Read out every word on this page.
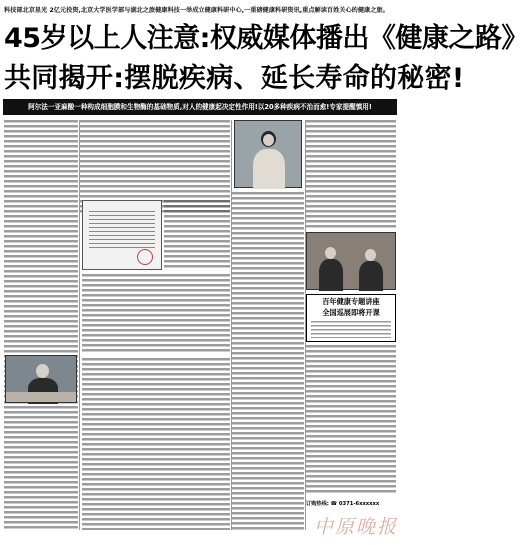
科技部北京星光 2亿元投资,北京大学医学部与湖北之旅健康科技一举成立健康科研中心,一重磅健康科研资讯,重点解读百姓关心的健康之旅。
45岁以上人注意:权威媒体播出《健康之路》
共同揭开:摆脱疾病、延长寿命的秘密!
阿尔法一亚麻酸一种构成细胞膜和生物酶的基础物质,对人的健康起决定性作用!以20多种疾病不治而愈!专家提醒慎用!
百年健康专题讲座
全国巡展即将开课
订购热线: ☎ 0371-6xxxxxx
中原晚报
